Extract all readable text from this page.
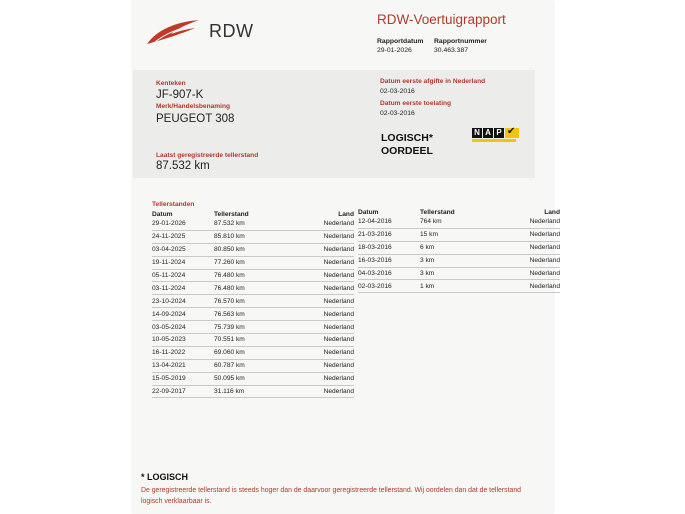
RDW
RDW-Voertuigrapport
Rapportdatum
29-01-2026
Rapportnummer
30.463.387
Kenteken
JF-907-K
Merk/Handelsbenaming
PEUGEOT 308
Laatst geregistreerde tellerstand
87.532 km
Datum eerste afgifte in Nederland
02-03-2016
Datum eerste toelating
02-03-2016
LOGISCH*
OORDEEL
N A P
✔
Tellerstanden
Datum	Tellerstand	Land
29-01-2026	87.532 km	Nederland
24-11-2025	85.810 km	Nederland
03-04-2025	80.850 km	Nederland
19-11-2024	77.260 km	Nederland
05-11-2024	76.480 km	Nederland
03-11-2024	76.480 km	Nederland
23-10-2024	76.570 km	Nederland
14-09-2024	76.563 km	Nederland
03-05-2024	75.739 km	Nederland
10-05-2023	70.551 km	Nederland
16-11-2022	69.060 km	Nederland
13-04-2021	60.787 km	Nederland
15-05-2019	50.095 km	Nederland
22-09-2017	31.116 km	Nederland
Datum	Tellerstand	Land
12-04-2016	764 km	Nederland
21-03-2016	15 km	Nederland
18-03-2016	6 km	Nederland
16-03-2016	3 km	Nederland
04-03-2016	3 km	Nederland
02-03-2016	1 km	Nederland
* LOGISCH
De geregistreerde tellerstand is steeds hoger dan de daarvoor geregistreerde tellerstand. Wij oordelen dan dat de tellerstand logisch verklaarbaar is.
